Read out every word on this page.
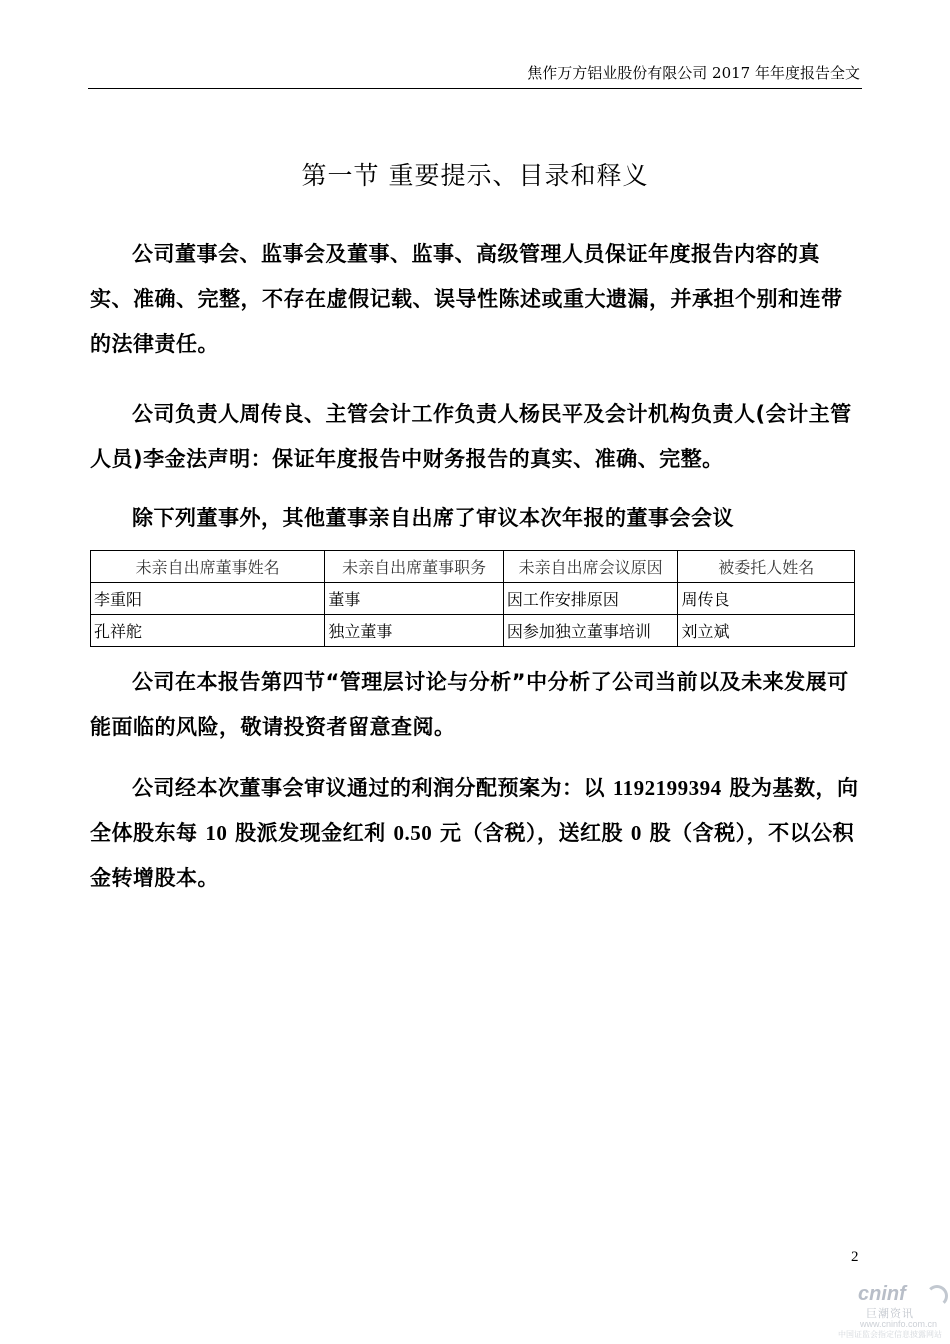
焦作万方铝业股份有限公司 2017 年年度报告全文
第一节 重要提示、目录和释义

公司董事会、监事会及董事、监事、高级管理人员保证年度报告内容的真实、准确、完整，不存在虚假记载、误导性陈述或重大遗漏，并承担个别和连带的法律责任。

公司负责人周传良、主管会计工作负责人杨民平及会计机构负责人(会计主管人员)李金法声明：保证年度报告中财务报告的真实、准确、完整。

除下列董事外，其他董事亲自出席了审议本次年报的董事会会议

未亲自出席董事姓名	未亲自出席董事职务	未亲自出席会议原因	被委托人姓名
李重阳	董事	因工作安排原因	周传良
孔祥舵	独立董事	因参加独立董事培训	刘立斌

公司在本报告第四节“管理层讨论与分析”中分析了公司当前以及未来发展可能面临的风险，敬请投资者留意查阅。

公司经本次董事会审议通过的利润分配预案为：以 1192199394 股为基数，向全体股东每 10 股派发现金红利 0.50 元（含税），送红股 0 股（含税），不以公积金转增股本。

2
cninf
巨潮资讯
www.cninfo.com.cn
中国证监会指定信息披露网站
